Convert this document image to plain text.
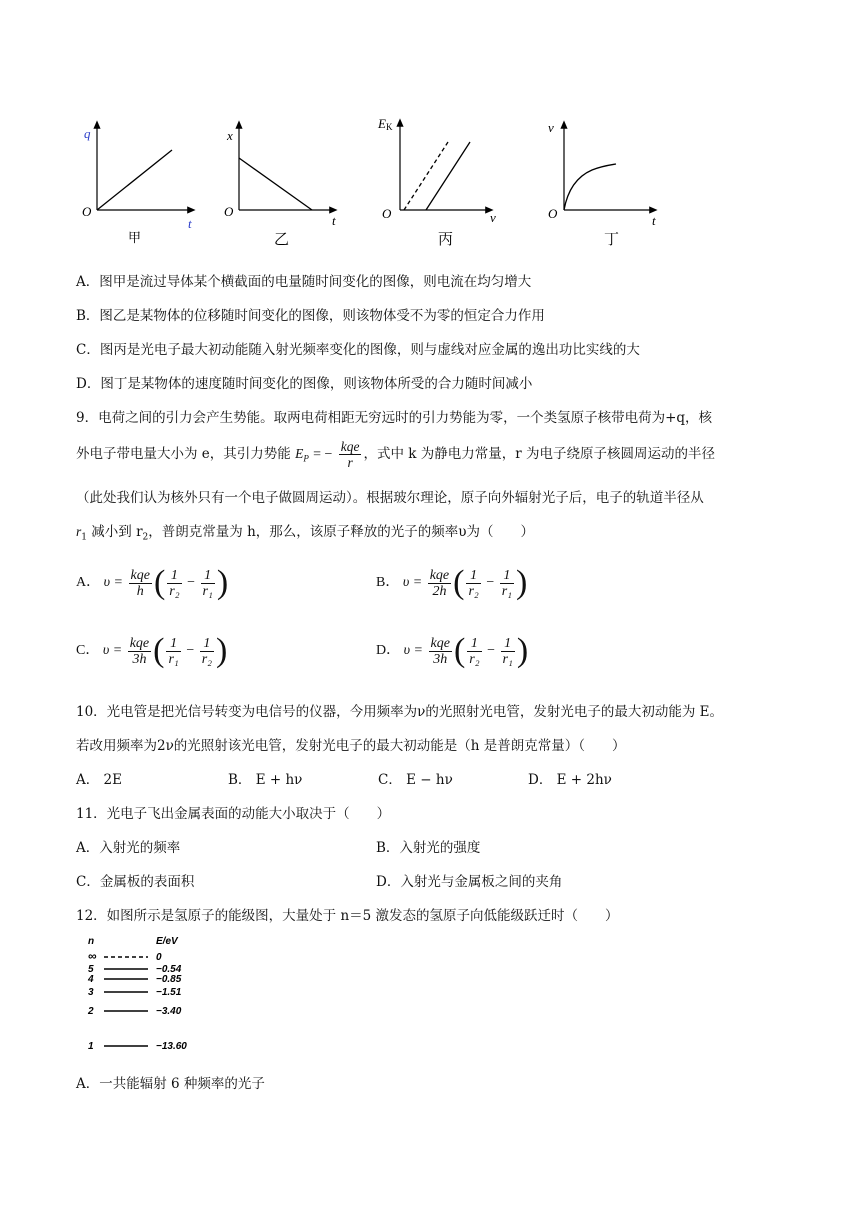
q
O
t
甲
x
O
t
乙
EK
O	ν
丙
v
O	t
丁
A．图甲是流过导体某个横截面的电量随时间变化的图像，则电流在均匀增大
B．图乙是某物体的位移随时间变化的图像，则该物体受不为零的恒定合力作用
C．图丙是光电子最大初动能随入射光频率变化的图像，则与虚线对应金属的逸出功比实线的大
D．图丁是某物体的速度随时间变化的图像，则该物体所受的合力随时间减小
9．电荷之间的引力会产生势能。取两电荷相距无穷远时的引力势能为零，一个类氢原子核带电荷为+q，核
外电子带电量大小为 e，其引力势能 $E_P$ = − $\frac{\text{kqe}}{r}$ ，式中 k 为静电力常量，r 为电子绕原子核圆周运动的半径
（此处我们认为核外只有一个电子做圆周运动）。根据玻尔理论，原子向外辐射光子后，电子的轨道半径从
$r_1$ 减小到 $r_2$，普朗克常量为 h，那么，该原子释放的光子的频率υ为（　　）
A． $\upsilon = \frac{\text{kqe}}{h}$ ( $\frac{1}{\text{r₂}} - \frac{1}{\text{r₁}}$ )	B． $\upsilon = \frac{\text{kqe}}{2h}$ ( $\frac{1}{\text{r₂}} - \frac{1}{\text{r₁}}$ )
C． $\upsilon = \frac{\text{kqe}}{3h}$ ( $\frac{1}{\text{r₁}} - \frac{1}{\text{r₂}}$ )	D． $\upsilon = \frac{\text{kqe}}{3h}$ ( $\frac{1}{\text{r₂}} - \frac{1}{\text{r₁}}$ )
10．光电管是把光信号转变为电信号的仪器，今用频率为ν的光照射光电管，发射光电子的最大初动能为 E。
若改用频率为2ν的光照射该光电管，发射光电子的最大初动能是（h 是普朗克常量）（　　）
A． 2E	B． E + hν	C． E − hν	D． E + 2hν
11．光电子飞出金属表面的动能大小取决于（　　）
A．入射光的频率	B．入射光的强度
C．金属板的表面积	D．入射光与金属板之间的夹角
12．如图所示是氢原子的能级图，大量处于 n＝5 激发态的氢原子向低能级跃迁时（　　）
n	E/eV
∞	0
5	−0.54
4	−0.85
3	−1.51
2	−3.40
1	−13.60
A．一共能辐射 6 种频率的光子
